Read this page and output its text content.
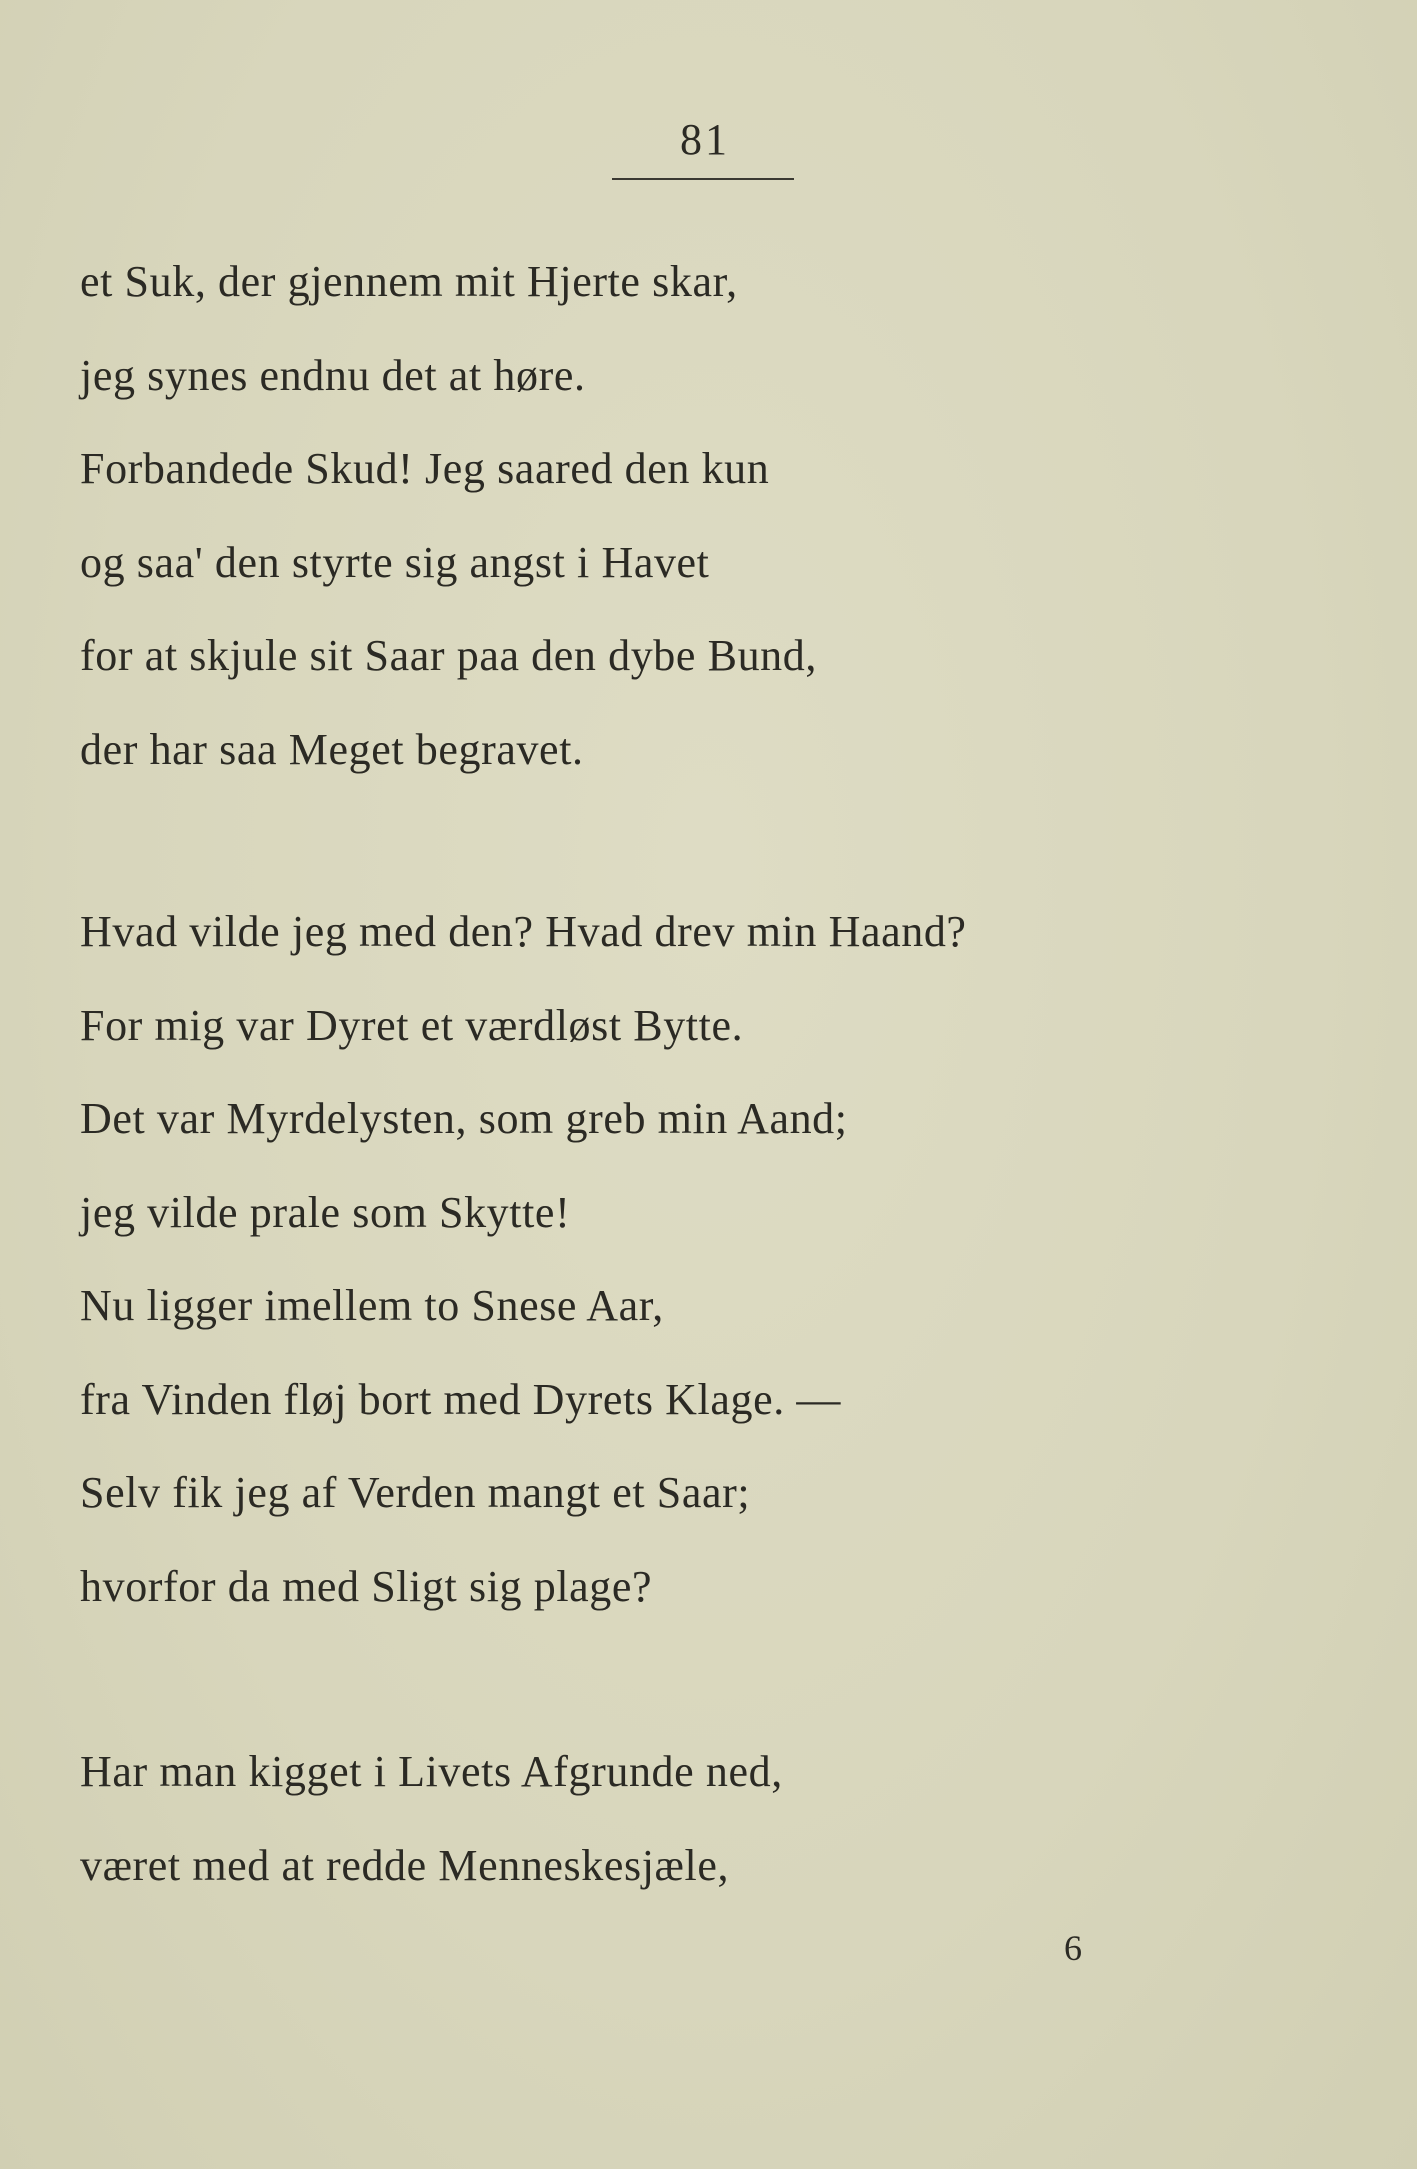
81
et Suk, der gjennem mit Hjerte skar,
jeg synes endnu det at høre.
Forbandede Skud! Jeg saared den kun
og saa' den styrte sig angst i Havet
for at skjule sit Saar paa den dybe Bund,
der har saa Meget begravet.
Hvad vilde jeg med den? Hvad drev min Haand?
For mig var Dyret et værdløst Bytte.
Det var Myrdelysten, som greb min Aand;
jeg vilde prale som Skytte!
Nu ligger imellem to Snese Aar,
fra Vinden fløj bort med Dyrets Klage. —
Selv fik jeg af Verden mangt et Saar;
hvorfor da med Sligt sig plage?
Har man kigget i Livets Afgrunde ned,
været med at redde Menneskesjæle,
6
